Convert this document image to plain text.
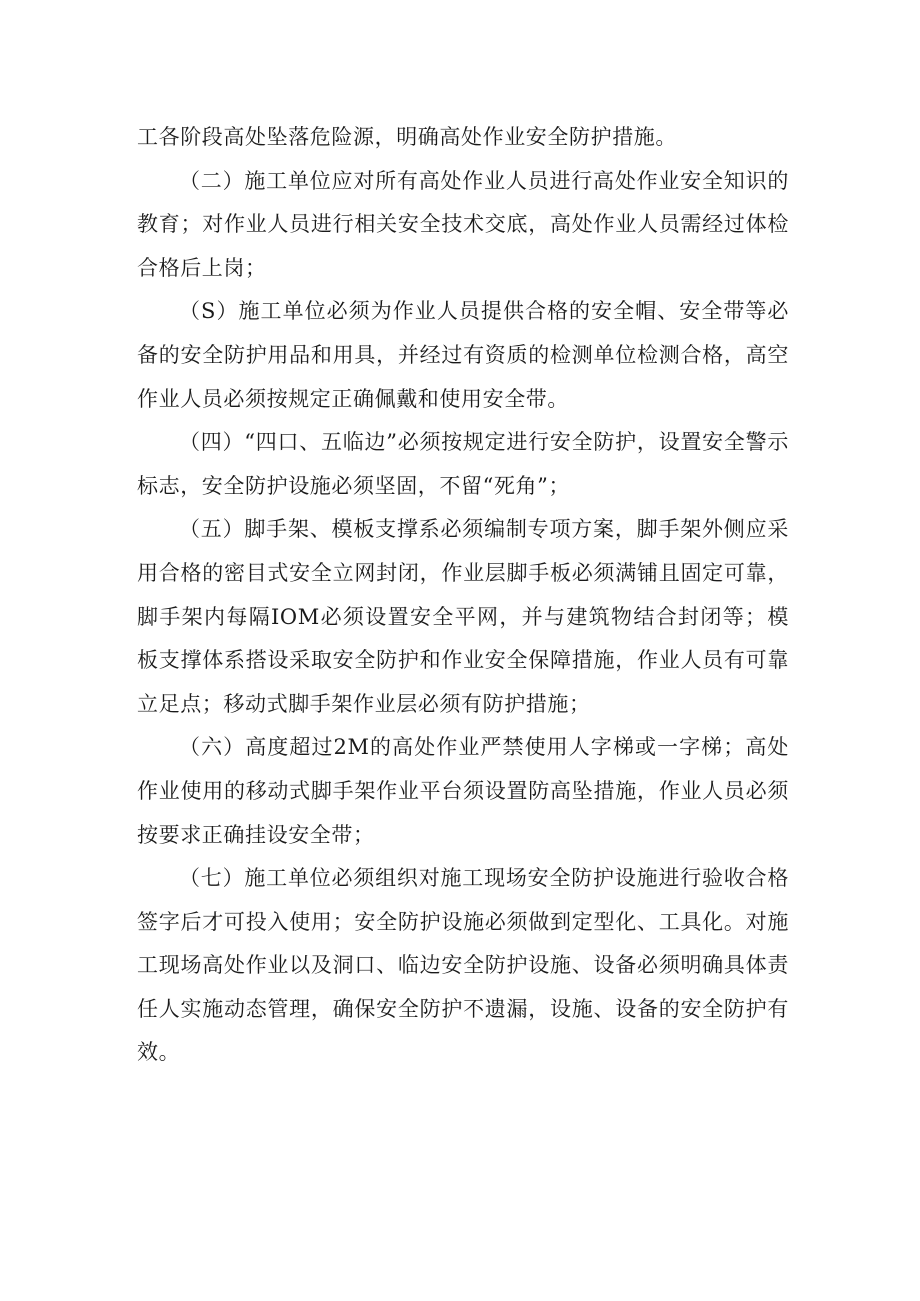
工各阶段高处坠落危险源，明确高处作业安全防护措施。

（二）施工单位应对所有高处作业人员进行高处作业安全知识的教育；对作业人员进行相关安全技术交底，高处作业人员需经过体检合格后上岗；

（S）施工单位必须为作业人员提供合格的安全帽、安全带等必备的安全防护用品和用具，并经过有资质的检测单位检测合格，高空作业人员必须按规定正确佩戴和使用安全带。

（四）“四口、五临边”必须按规定进行安全防护，设置安全警示标志，安全防护设施必须坚固，不留“死角”；

（五）脚手架、模板支撑系必须编制专项方案，脚手架外侧应采用合格的密目式安全立网封闭，作业层脚手板必须满铺且固定可靠，脚手架内每隔IOM必须设置安全平网，并与建筑物结合封闭等；模板支撑体系搭设采取安全防护和作业安全保障措施，作业人员有可靠立足点；移动式脚手架作业层必须有防护措施；

（六）高度超过2M的高处作业严禁使用人字梯或一字梯；高处作业使用的移动式脚手架作业平台须设置防高坠措施，作业人员必须按要求正确挂设安全带；

（七）施工单位必须组织对施工现场安全防护设施进行验收合格签字后才可投入使用；安全防护设施必须做到定型化、工具化。对施工现场高处作业以及洞口、临边安全防护设施、设备必须明确具体责任人实施动态管理，确保安全防护不遗漏，设施、设备的安全防护有效。
